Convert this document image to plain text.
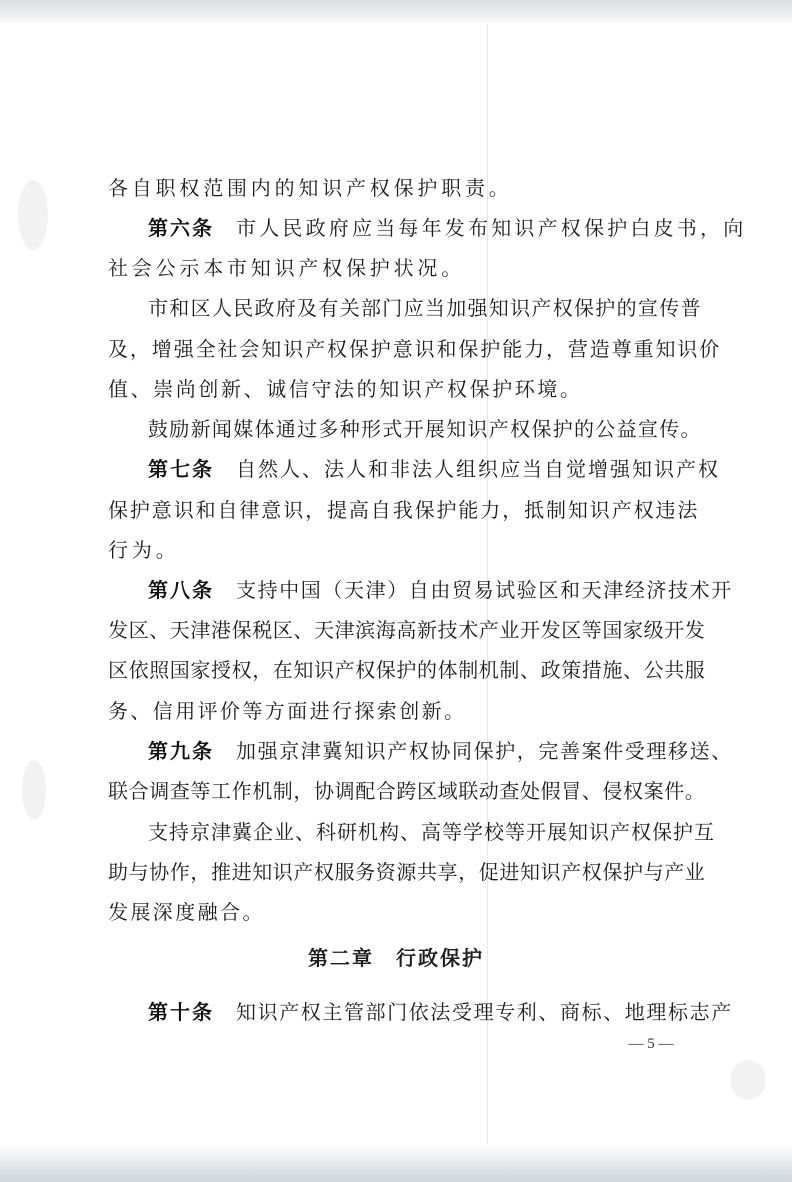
各自职权范围内的知识产权保护职责。
第六条 市人民政府应当每年发布知识产权保护白皮书，向
社会公示本市知识产权保护状况。
市和区人民政府及有关部门应当加强知识产权保护的宣传普
及，增强全社会知识产权保护意识和保护能力，营造尊重知识价
值、崇尚创新、诚信守法的知识产权保护环境。
鼓励新闻媒体通过多种形式开展知识产权保护的公益宣传。
第七条 自然人、法人和非法人组织应当自觉增强知识产权
保护意识和自律意识，提高自我保护能力，抵制知识产权违法
行为。
第八条 支持中国（天津）自由贸易试验区和天津经济技术开
发区、天津港保税区、天津滨海高新技术产业开发区等国家级开发
区依照国家授权，在知识产权保护的体制机制、政策措施、公共服
务、信用评价等方面进行探索创新。
第九条 加强京津冀知识产权协同保护，完善案件受理移送、
联合调查等工作机制，协调配合跨区域联动查处假冒、侵权案件。
支持京津冀企业、科研机构、高等学校等开展知识产权保护互
助与协作，推进知识产权服务资源共享，促进知识产权保护与产业
发展深度融合。
第二章 行政保护
第十条 知识产权主管部门依法受理专利、商标、地理标志产
— 5 —
